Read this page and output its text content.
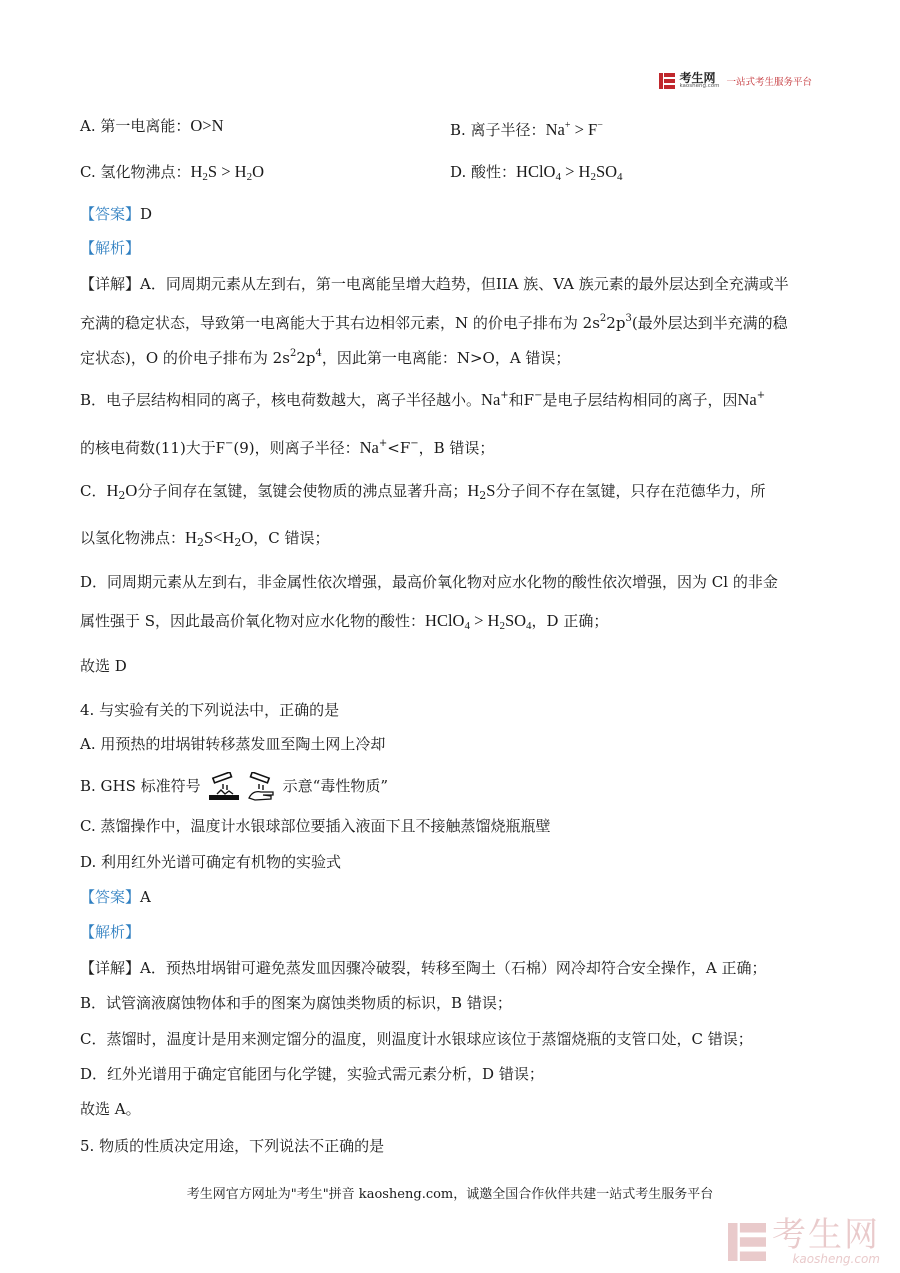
考生网
kaosheng.com 一站式考生服务平台
A. 第一电离能：O>N	B. 离子半径：Na+ > F−
C. 氢化物沸点：$H_2S > H_2O$	D. 酸性：HClO$_4$ > $H_2SO_4$
【答案】D
【解析】
【详解】A．同周期元素从左到右，第一电离能呈增大趋势，但IIA 族、VA 族元素的最外层达到全充满或半
充满的稳定状态，导致第一电离能大于其右边相邻元素，N 的价电子排布为 $2s^22p^3$(最外层达到半充满的稳
定状态)，O 的价电子排布为 $2s^22p^4$，因此第一电离能：N>O，A 错误；
B．电子层结构相同的离子，核电荷数越大，离子半径越小。Na+和F−是电子层结构相同的离子，因Na+
的核电荷数(11)大于F−(9)，则离子半径：Na+<F−，B 错误；
C．$H_2O$分子间存在氢键，氢键会使物质的沸点显著升高；$H_2S$分子间不存在氢键，只存在范德华力，所
以氢化物沸点：$H_2S<H_2O$，C 错误；
D．同周期元素从左到右，非金属性依次增强，最高价氧化物对应水化物的酸性依次增强，因为 Cl 的非金
属性强于 S，因此最高价氧化物对应水化物的酸性：HClO$_4$ > $H_2SO_4$，D 正确；
故选 D
4. 与实验有关的下列说法中，正确的是
A. 用预热的坩埚钳转移蒸发皿至陶土网上冷却
B. GHS 标准符号	示意“毒性物质”
C. 蒸馏操作中，温度计水银球部位要插入液面下且不接触蒸馏烧瓶瓶壁
D. 利用红外光谱可确定有机物的实验式
【答案】A
【解析】
【详解】A．预热坩埚钳可避免蒸发皿因骤冷破裂，转移至陶土（石棉）网冷却符合安全操作，A 正确；
B．试管滴液腐蚀物体和手的图案为腐蚀类物质的标识，B 错误；
C．蒸馏时，温度计是用来测定馏分的温度，则温度计水银球应该位于蒸馏烧瓶的支管口处，C 错误；
D．红外光谱用于确定官能团与化学键，实验式需元素分析，D 错误；
故选 A。
5. 物质的性质决定用途，下列说法不正确的是
考生网官方网址为"考生"拼音 kaosheng.com，诚邀全国合作伙伴共建一站式考生服务平台
考生网
kaosheng.com
